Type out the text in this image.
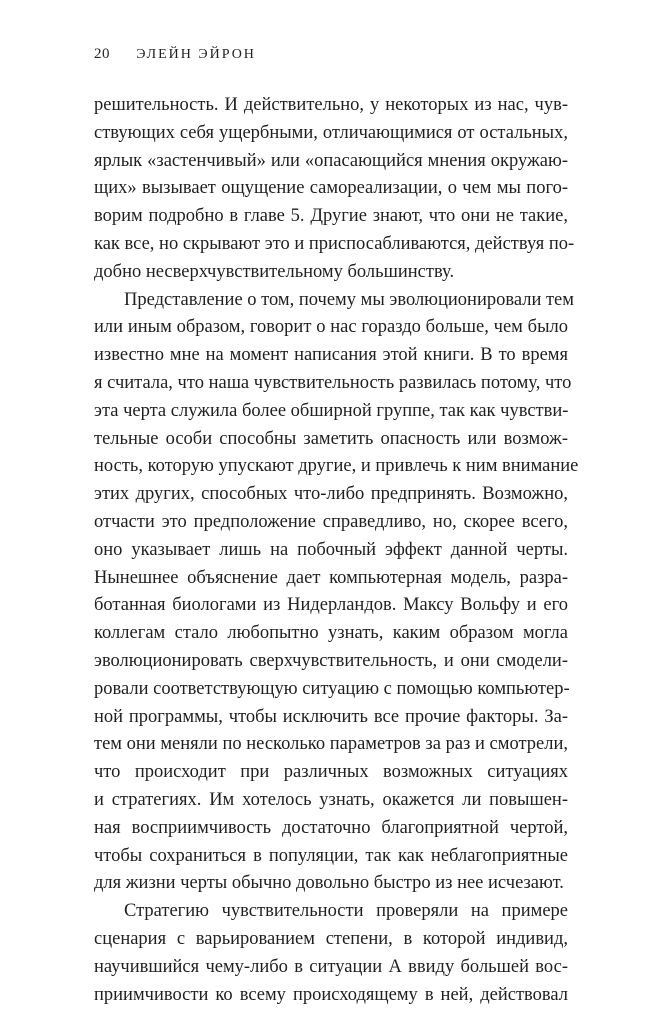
20 ЭЛЕЙН ЭЙРОН
решительность. И действительно, у некоторых из нас, чув-
ствующих себя ущербными, отличающимися от остальных,
ярлык «застенчивый» или «опасающийся мнения окружаю-
щих» вызывает ощущение самореализации, о чем мы пого-
ворим подробно в главе 5. Другие знают, что они не такие,
как все, но скрывают это и приспосабливаются, действуя по-
добно несверхчувствительному большинству.
Представление о том, почему мы эволюционировали тем
или иным образом, говорит о нас гораздо больше, чем было
известно мне на момент написания этой книги. В то время
я считала, что наша чувствительность развилась потому, что
эта черта служила более обширной группе, так как чувстви-
тельные особи способны заметить опасность или возмож-
ность, которую упускают другие, и привлечь к ним внимание
этих других, способных что-либо предпринять. Возможно,
отчасти это предположение справедливо, но, скорее всего,
оно указывает лишь на побочный эффект данной черты.
Нынешнее объяснение дает компьютерная модель, разра-
ботанная биологами из Нидерландов. Максу Вольфу и его
коллегам стало любопытно узнать, каким образом могла
эволюционировать сверхчувствительность, и они смодели-
ровали соответствующую ситуацию с помощью компьютер-
ной программы, чтобы исключить все прочие факторы. За-
тем они меняли по несколько параметров за раз и смотрели,
что происходит при различных возможных ситуациях
и стратегиях. Им хотелось узнать, окажется ли повышен-
ная восприимчивость достаточно благоприятной чертой,
чтобы сохраниться в популяции, так как неблагоприятные
для жизни черты обычно довольно быстро из нее исчезают.
Стратегию чувствительности проверяли на примере
сценария с варьированием степени, в которой индивид,
научившийся чему-либо в ситуации А ввиду большей вос-
приимчивости ко всему происходящему в ней, действовал
